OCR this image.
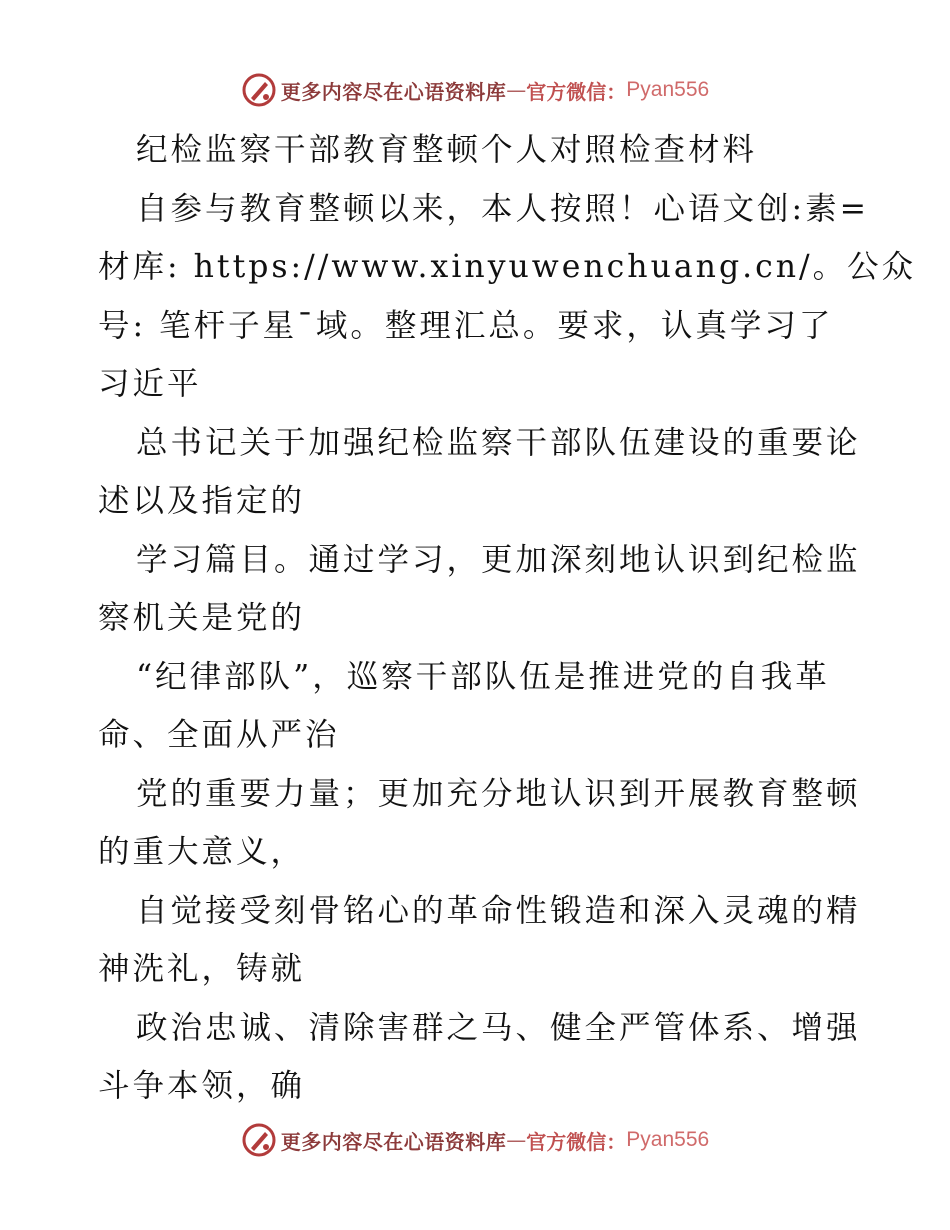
更多内容尽在心语资料库 — 官方微信： Pyan556
纪检监察干部教育整顿个人对照检查材料
自参与教育整顿以来，本人按照！心语文创:素=
材库: https://www.xinyuwenchuang.cn/。公众
号: 笔杆子星¯域。整理汇总。要求，认真学习了
习近平
总书记关于加强纪检监察干部队伍建设的重要论
述以及指定的
学习篇目。通过学习，更加深刻地认识到纪检监
察机关是党的
“纪律部队”，巡察干部队伍是推进党的自我革
命、全面从严治
党的重要力量；更加充分地认识到开展教育整顿
的重大意义，
自觉接受刻骨铭心的革命性锻造和深入灵魂的精
神洗礼，铸就
政治忠诚、清除害群之马、健全严管体系、增强
斗争本领，确
更多内容尽在心语资料库 — 官方微信： Pyan556
